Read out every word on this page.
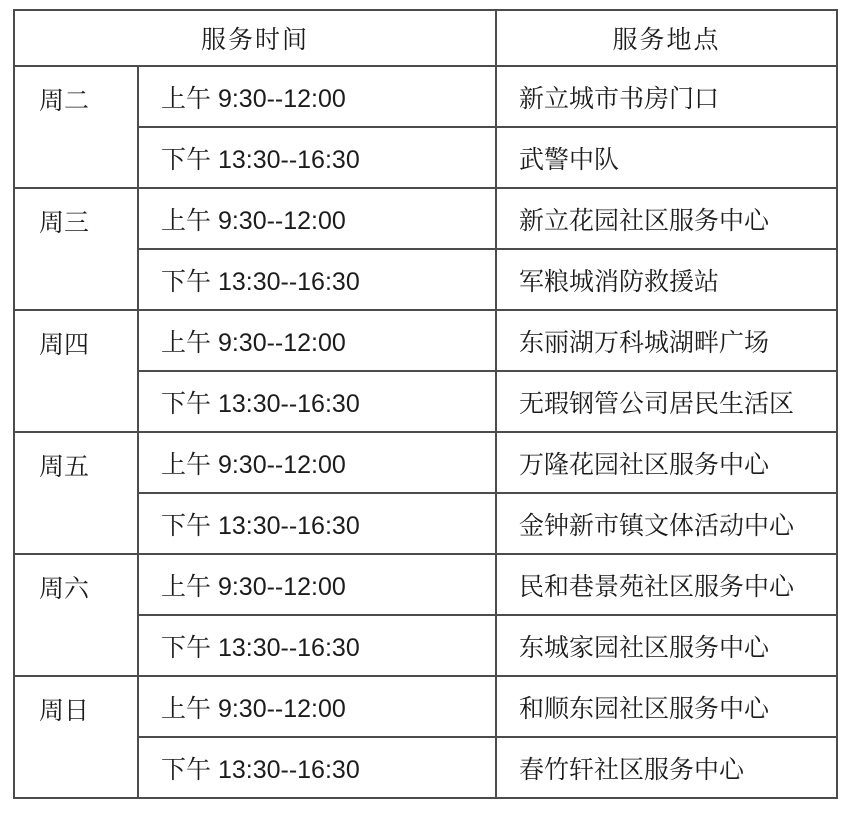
服务时间		服务地点
周二	上午 9:30--12:00	新立城市书房门口
	下午 13:30--16:30	武警中队
周三	上午 9:30--12:00	新立花园社区服务中心
	下午 13:30--16:30	军粮城消防救援站
周四	上午 9:30--12:00	东丽湖万科城湖畔广场
	下午 13:30--16:30	无瑕钢管公司居民生活区
周五	上午 9:30--12:00	万隆花园社区服务中心
	下午 13:30--16:30	金钟新市镇文体活动中心
周六	上午 9:30--12:00	民和巷景苑社区服务中心
	下午 13:30--16:30	东城家园社区服务中心
周日	上午 9:30--12:00	和顺东园社区服务中心
	下午 13:30--16:30	春竹轩社区服务中心
